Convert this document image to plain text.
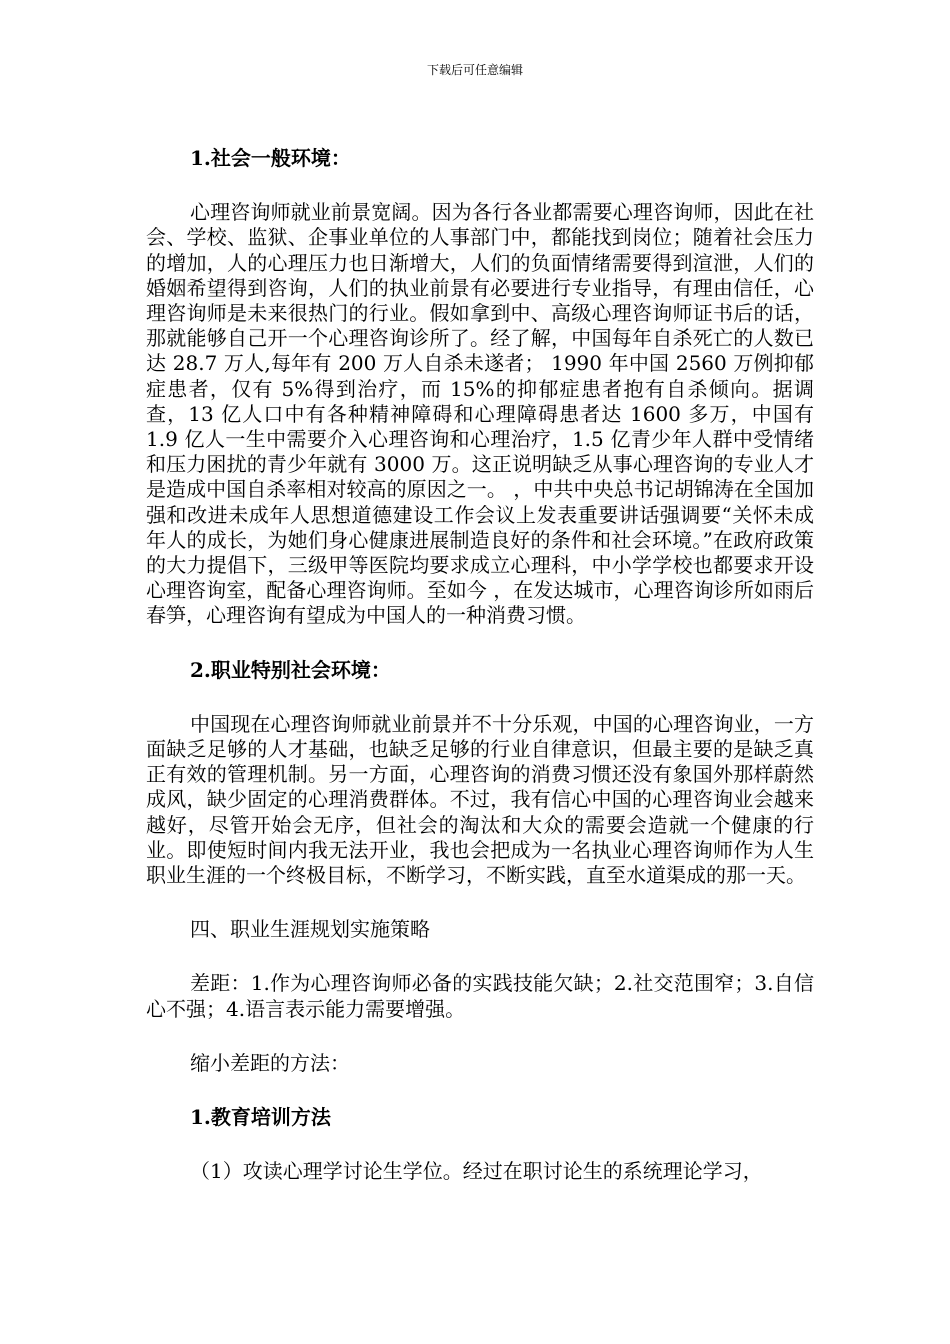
下载后可任意编辑

1.社会一般环境：

心理咨询师就业前景宽阔。因为各行各业都需要心理咨询师，因此在社会、学校、监狱、企事业单位的人事部门中，都能找到岗位；随着社会压力的增加，人的心理压力也日渐增大，人们的负面情绪需要得到渲泄，人们的婚姻希望得到咨询，人们的执业前景有必要进行专业指导，有理由信任，心理咨询师是未来很热门的行业。假如拿到中、高级心理咨询师证书后的话，那就能够自己开一个心理咨询诊所了。经了解，中国每年自杀死亡的人数已达 28.7 万人,每年有 200 万人自杀未遂者； 1990 年中国 2560 万例抑郁症患者，仅有 5%得到治疗，而 15%的抑郁症患者抱有自杀倾向。据调查，13 亿人口中有各种精神障碍和心理障碍患者达 1600 多万，中国有 1.9 亿人一生中需要介入心理咨询和心理治疗，1.5 亿青少年人群中受情绪和压力困扰的青少年就有 3000 万。这正说明缺乏从事心理咨询的专业人才是造成中国自杀率相对较高的原因之一。 ，中共中央总书记胡锦涛在全国加强和改进未成年人思想道德建设工作会议上发表重要讲话强调要“关怀未成年人的成长，为她们身心健康进展制造良好的条件和社会环境。”在政府政策的大力提倡下，三级甲等医院均要求成立心理科，中小学学校也都要求开设心理咨询室，配备心理咨询师。至如今 ，在发达城市，心理咨询诊所如雨后春笋，心理咨询有望成为中国人的一种消费习惯。

2.职业特别社会环境：

中国现在心理咨询师就业前景并不十分乐观，中国的心理咨询业，一方面缺乏足够的人才基础，也缺乏足够的行业自律意识，但最主要的是缺乏真正有效的管理机制。另一方面，心理咨询的消费习惯还没有象国外那样蔚然成风，缺少固定的心理消费群体。不过，我有信心中国的心理咨询业会越来越好，尽管开始会无序，但社会的淘汰和大众的需要会造就一个健康的行业。即使短时间内我无法开业，我也会把成为一名执业心理咨询师作为人生职业生涯的一个终极目标，不断学习，不断实践，直至水道渠成的那一天。

四、职业生涯规划实施策略

差距：1.作为心理咨询师必备的实践技能欠缺；2.社交范围窄；3.自信心不强；4.语言表示能力需要增强。

缩小差距的方法：

1.教育培训方法

（1）攻读心理学讨论生学位。经过在职讨论生的系统理论学习，
